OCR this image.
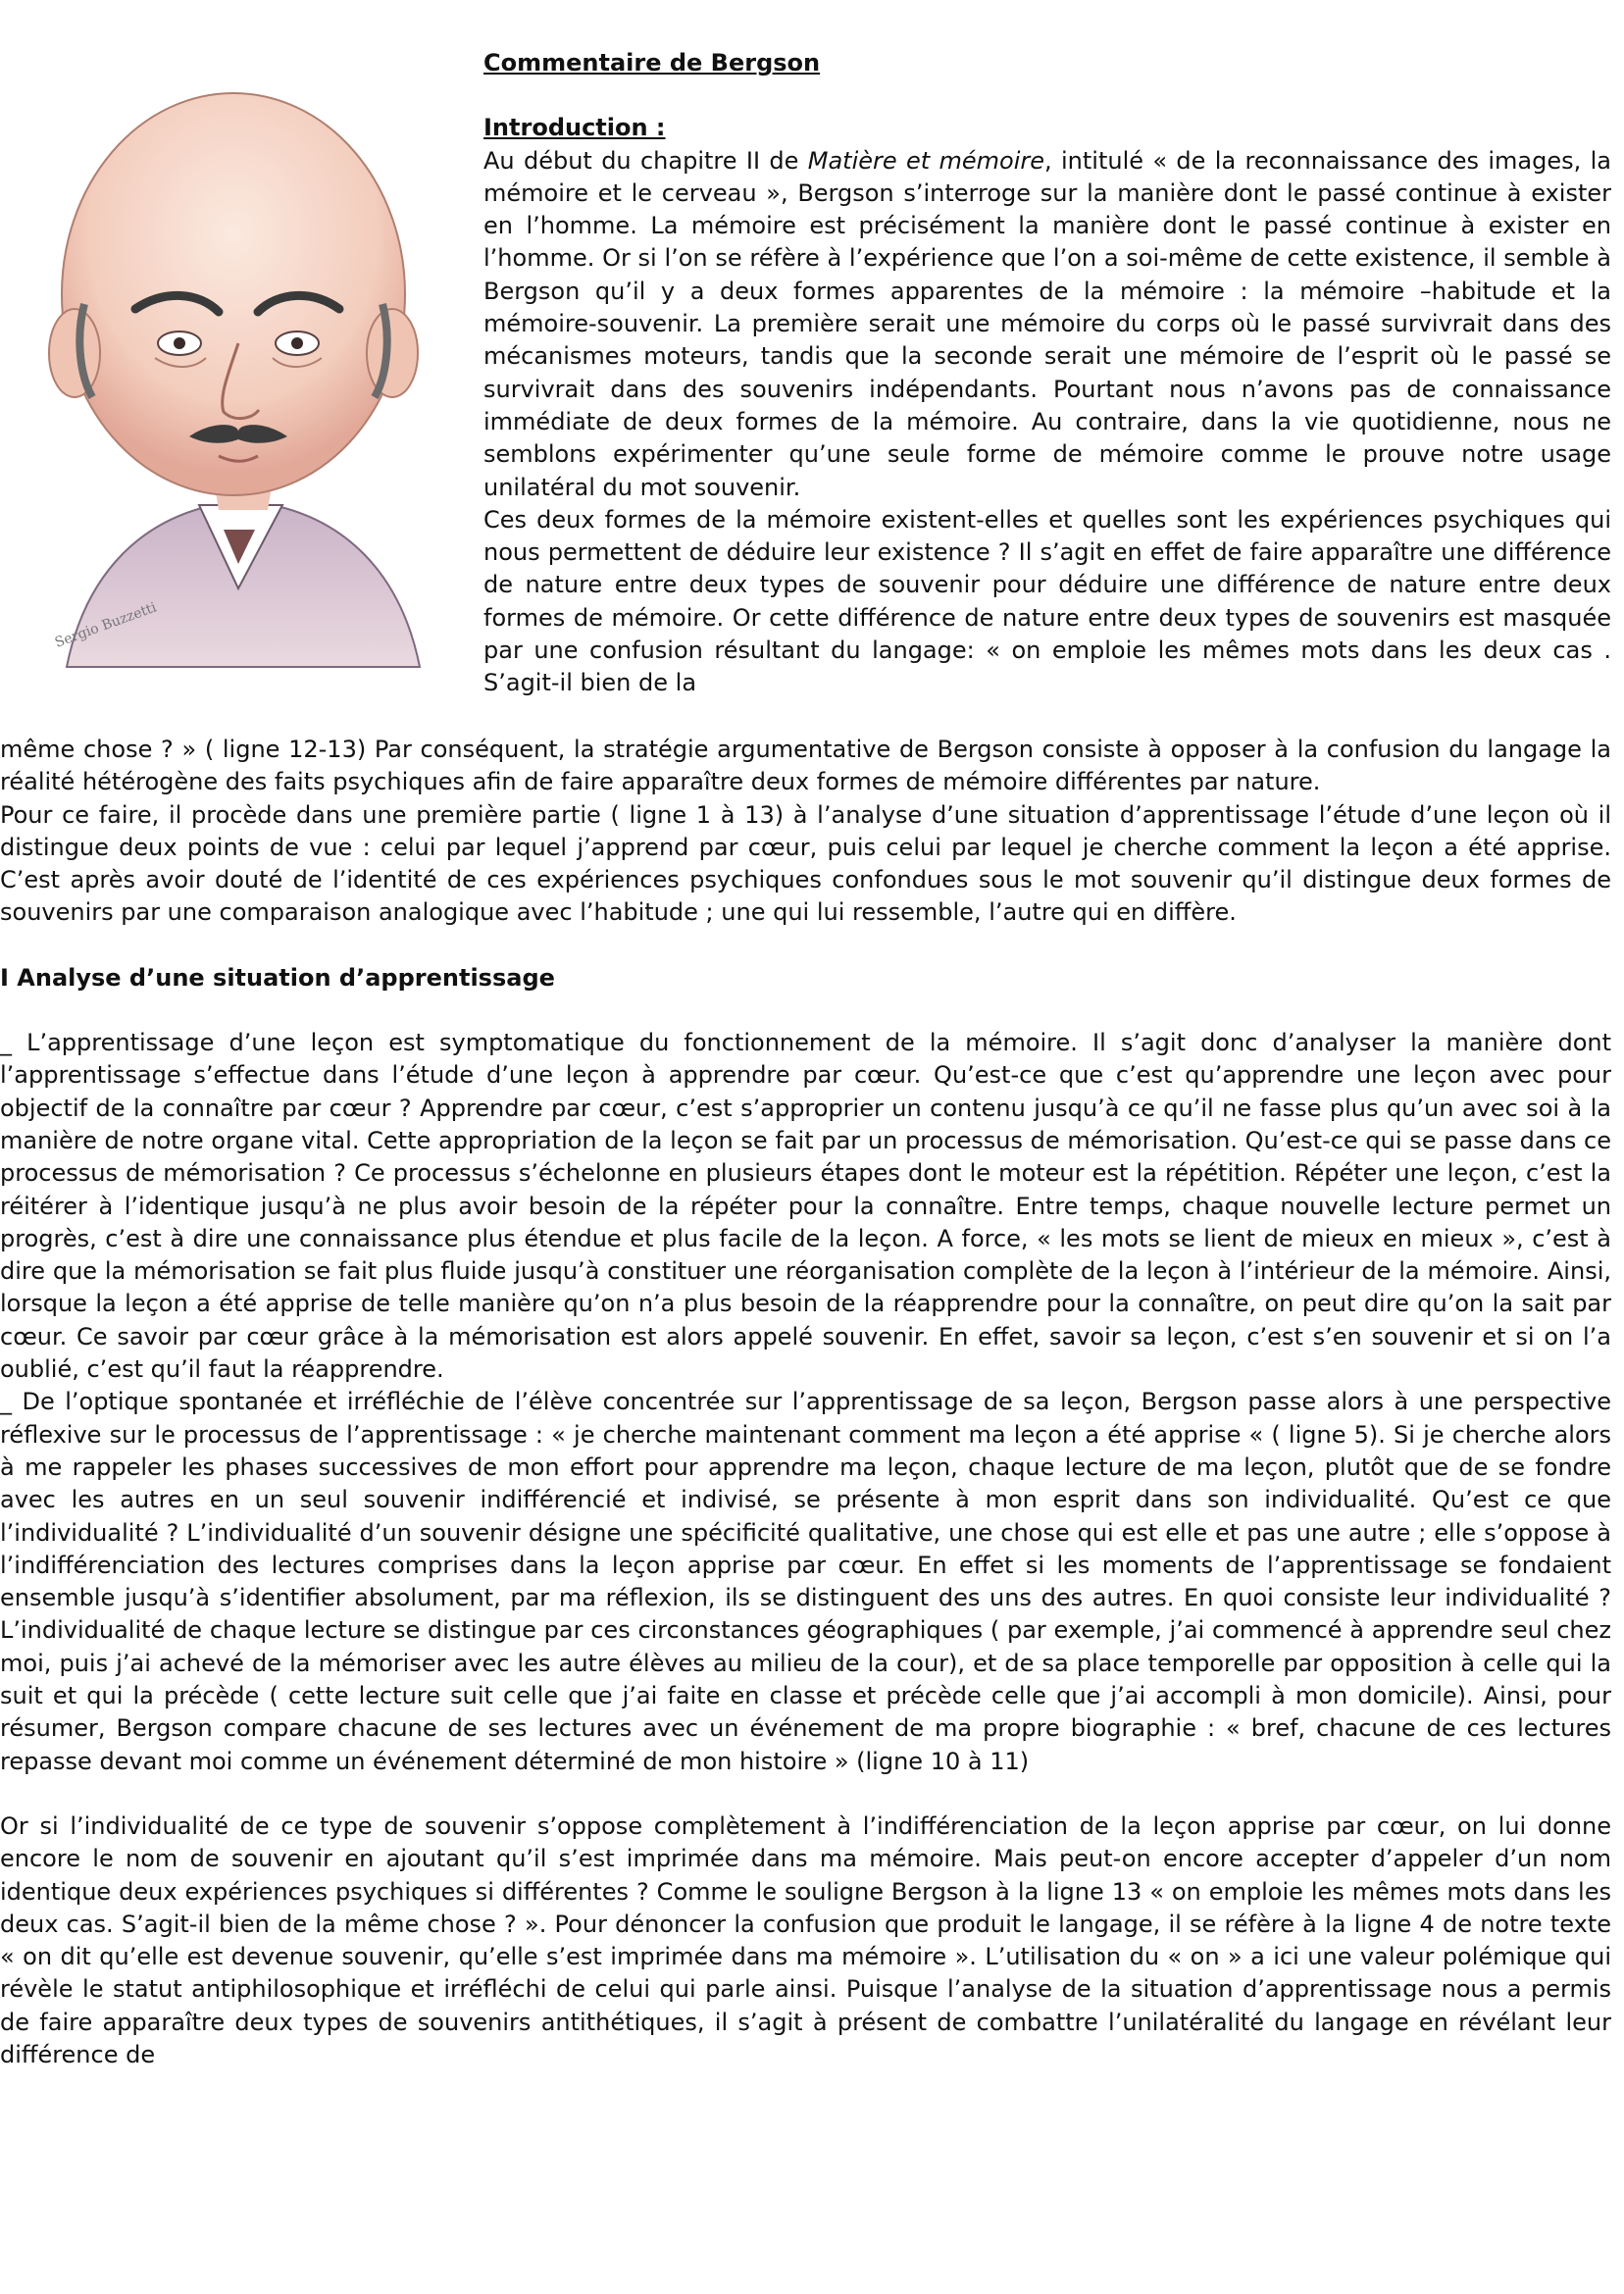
Sergio Buzzetti

Commentaire de Bergson

Introduction :

Au début du chapitre II de Matière et mémoire, intitulé « de la reconnaissance des images, la mémoire et le cerveau », Bergson s’interroge sur la manière dont le passé continue à exister en l’homme. La mémoire est précisément la manière dont le passé continue à exister en l’homme. Or si l’on se réfère à l’expérience que l’on a soi-même de cette existence, il semble à Bergson qu’il y a deux formes apparentes de la mémoire : la mémoire –habitude et la mémoire-souvenir. La première serait une mémoire du corps où le passé survivrait dans des mécanismes moteurs, tandis que la seconde serait une mémoire de l’esprit où le passé se survivrait dans des souvenirs indépendants. Pourtant nous n’avons pas de connaissance immédiate de deux formes de la mémoire. Au contraire, dans la vie quotidienne, nous ne semblons expérimenter qu’une seule forme de mémoire comme le prouve notre usage unilatéral du mot souvenir.

Ces deux formes de la mémoire existent-elles et quelles sont les expériences psychiques qui nous permettent de déduire leur existence ? Il s’agit en effet de faire apparaître une différence de nature entre deux types de souvenir pour déduire une différence de nature entre deux formes de mémoire. Or cette différence de nature entre deux types de souvenirs est masquée par une confusion résultant du langage: « on emploie les mêmes mots dans les deux cas . S’agit-il bien de la

même chose ? » ( ligne 12-13) Par conséquent, la stratégie argumentative de Bergson consiste à opposer à la confusion du langage la réalité hétérogène des faits psychiques afin de faire apparaître deux formes de mémoire différentes par nature.

Pour ce faire, il procède dans une première partie ( ligne 1 à 13) à l’analyse d’une situation d’apprentissage l’étude d’une leçon où il distingue deux points de vue : celui par lequel j’apprend par cœur, puis celui par lequel je cherche comment la leçon a été apprise. C’est après avoir douté de l’identité de ces expériences psychiques confondues sous le mot souvenir qu’il distingue deux formes de souvenirs par une comparaison analogique avec l’habitude ; une qui lui ressemble, l’autre qui en diffère.

I Analyse d’une situation d’apprentissage

_ L’apprentissage d’une leçon est symptomatique du fonctionnement de la mémoire. Il s’agit donc d’analyser la manière dont l’apprentissage s’effectue dans l’étude d’une leçon à apprendre par cœur. Qu’est-ce que c’est qu’apprendre une leçon avec pour objectif de la connaître par cœur ? Apprendre par cœur, c’est s’approprier un contenu jusqu’à ce qu’il ne fasse plus qu’un avec soi à la manière de notre organe vital. Cette appropriation de la leçon se fait par un processus de mémorisation. Qu’est-ce qui se passe dans ce processus de mémorisation ? Ce processus s’échelonne en plusieurs étapes dont le moteur est la répétition. Répéter une leçon, c’est la réitérer à l’identique jusqu’à ne plus avoir besoin de la répéter pour la connaître. Entre temps, chaque nouvelle lecture permet un progrès, c’est à dire une connaissance plus étendue et plus facile de la leçon. A force, « les mots se lient de mieux en mieux », c’est à dire que la mémorisation se fait plus fluide jusqu’à constituer une réorganisation complète de la leçon à l’intérieur de la mémoire. Ainsi, lorsque la leçon a été apprise de telle manière qu’on n’a plus besoin de la réapprendre pour la connaître, on peut dire qu’on la sait par cœur. Ce savoir par cœur grâce à la mémorisation est alors appelé souvenir. En effet, savoir sa leçon, c’est s’en souvenir et si on l’a oublié, c’est qu’il faut la réapprendre.

_ De l’optique spontanée et irréfléchie de l’élève concentrée sur l’apprentissage de sa leçon, Bergson passe alors à une perspective réflexive sur le processus de l’apprentissage : « je cherche maintenant comment ma leçon a été apprise « ( ligne 5). Si je cherche alors à me rappeler les phases successives de mon effort pour apprendre ma leçon, chaque lecture de ma leçon, plutôt que de se fondre avec les autres en un seul souvenir indifférencié et indivisé, se présente à mon esprit dans son individualité. Qu’est ce que l’individualité ? L’individualité d’un souvenir désigne une spécificité qualitative, une chose qui est elle et pas une autre ; elle s’oppose à l’indifférenciation des lectures comprises dans la leçon apprise par cœur. En effet si les moments de l’apprentissage se fondaient ensemble jusqu’à s’identifier absolument, par ma réflexion, ils se distinguent des uns des autres. En quoi consiste leur individualité ? L’individualité de chaque lecture se distingue par ces circonstances géographiques ( par exemple, j’ai commencé à apprendre seul chez moi, puis j’ai achevé de la mémoriser avec les autre élèves au milieu de la cour), et de sa place temporelle par opposition à celle qui la suit et qui la précède ( cette lecture suit celle que j’ai faite en classe et précède celle que j’ai accompli à mon domicile). Ainsi, pour résumer, Bergson compare chacune de ses lectures avec un événement de ma propre biographie : « bref, chacune de ces lectures repasse devant moi comme un événement déterminé de mon histoire » (ligne 10 à 11)

Or si l’individualité de ce type de souvenir s’oppose complètement à l’indifférenciation de la leçon apprise par cœur, on lui donne encore le nom de souvenir en ajoutant qu’il s’est imprimée dans ma mémoire. Mais peut-on encore accepter d’appeler d’un nom identique deux expériences psychiques si différentes ? Comme le souligne Bergson à la ligne 13 « on emploie les mêmes mots dans les deux cas. S’agit-il bien de la même chose ? ». Pour dénoncer la confusion que produit le langage, il se réfère à la ligne 4 de notre texte « on dit qu’elle est devenue souvenir, qu’elle s’est imprimée dans ma mémoire ». L’utilisation du « on » a ici une valeur polémique qui révèle le statut antiphilosophique et irréfléchi de celui qui parle ainsi. Puisque l’analyse de la situation d’apprentissage nous a permis de faire apparaître deux types de souvenirs antithétiques, il s’agit à présent de combattre l’unilatéralité du langage en révélant leur différence de
